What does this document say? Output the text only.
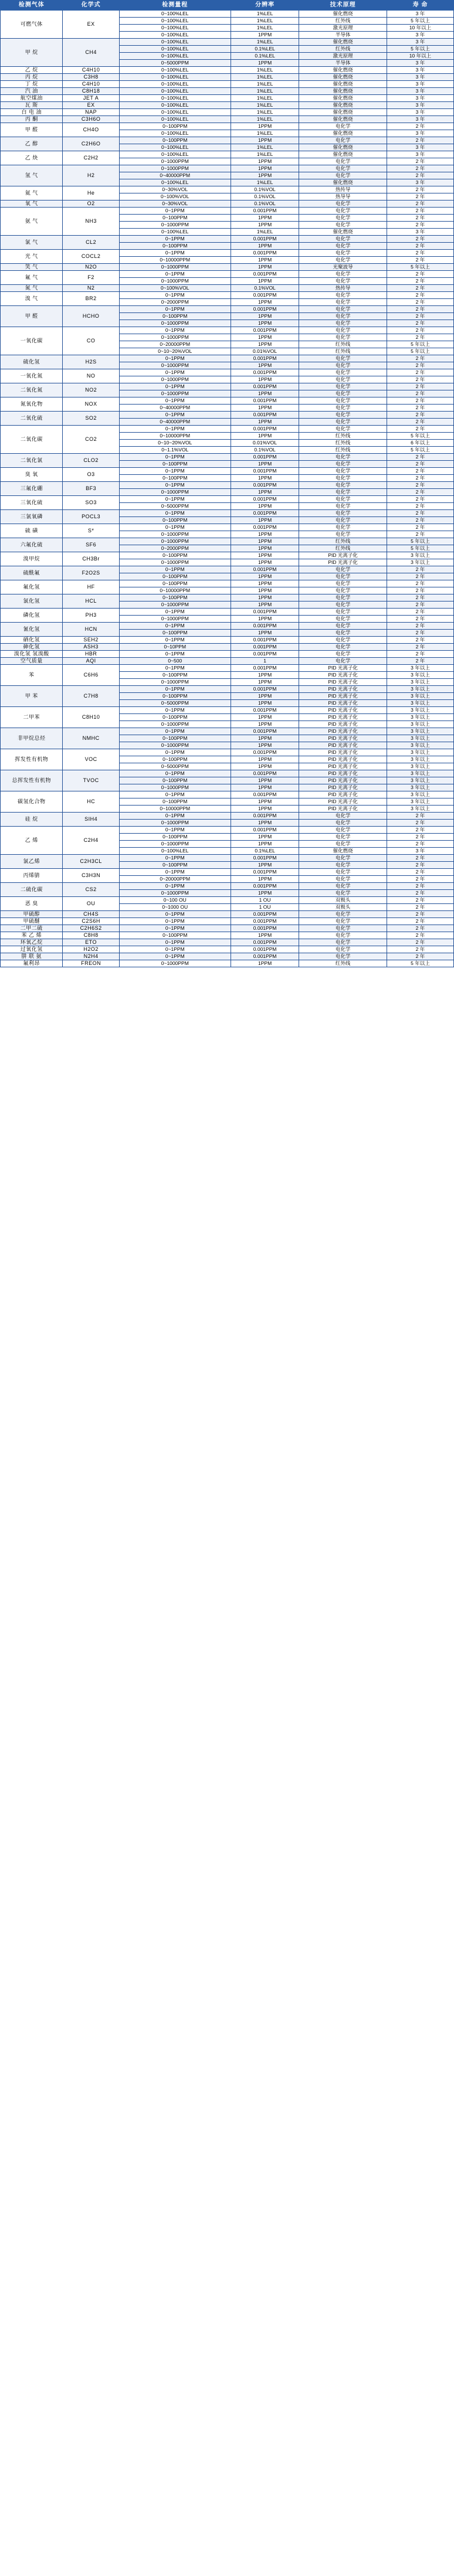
检测气体	化学式	检测量程	分辨率	技术原理	寿 命
可燃气体	EX	0~100%LEL	1%LEL	催化燃烧	3 年
		0~100%LEL	1%LEL	红外线	5 年以上
		0~100%LEL	1%LEL	激光原理	10 年以上
		0~100%LEL	1PPM	半导体	3 年
甲 烷	CH4	0~100%LEL	1%LEL	催化燃烧	3 年
		0~100%LEL	0.1%LEL	红外线	5 年以上
		0~100%LEL	0.1%LEL	激光原理	10 年以上
		0~5000PPM	1PPM	半导体	3 年
乙 烷	C4H10	0~100%LEL	1%LEL	催化燃烧	3 年
丙 烷	C3H8	0~100%LEL	1%LEL	催化燃烧	3 年
丁 烷	C4H10	0~100%LEL	1%LEL	催化燃烧	3 年
汽 油	C8H18	0~100%LEL	1%LEL	催化燃烧	3 年
航空煤油	JET A	0~100%LEL	1%LEL	催化燃烧	3 年
瓦 斯	EX	0~100%LEL	1%LEL	催化燃烧	3 年
白 电 油	NAP	0~100%LEL	1%LEL	催化燃烧	3 年
丙 酮	C3H6O	0~100%LEL	1%LEL	催化燃烧	3 年
甲 醛	CH4O	0~100PPM	1PPM	电化学	2 年
		0~100%LEL	1%LEL	催化燃烧	3 年
乙 醇	C2H6O	0~100PPM	1PPM	电化学	2 年
		0~100%LEL	1%LEL	催化燃烧	3 年
乙 炔	C2H2	0~100%LEL	1%LEL	催化燃烧	3 年
		0~1000PPM	1PPM	电化学	2 年
氢 气	H2	0~1000PPM	1PPM	电化学	2 年
		0~40000PPM	1PPM	电化学	2 年
		0~100%LEL	1%LEL	催化燃烧	3 年
氦 气	He	0~30%VOL	0.1%VOL	热传导	2 年
		0~100%VOL	0.1%VOL	热导导	2 年
氧 气	O2	0~30%VOL	0.1%VOL	电化学	2 年
氨 气	NH3	0~1PPM	0.001PPM	电化学	2 年
		0~100PPM	1PPM	电化学	2 年
		0~1000PPM	1PPM	电化学	2 年
		0~100%LEL	1%LEL	催化燃烧	3 年
氯 气	CL2	0~1PPM	0.001PPM	电化学	2 年
		0~100PPM	1PPM	电化学	2 年
光 气	COCL2	0~1PPM	0.001PPM	电化学	2 年
		0~10000PPM	1PPM	电化学	2 年
笑 气	N2O	0~1000PPM	1PPM	光聚波导	5 年以上
氟 气	F2	0~1PPM	0.001PPM	电化学	2 年
		0~1000PPM	1PPM	电化学	2 年
氮 气	N2	0~100%VOL	0.1%VOL	热传导	2 年
溴 气	BR2	0~1PPM	0.001PPM	电化学	2 年
		0~2000PPM	1PPM	电化学	2 年
甲 醛	HCHO	0~1PPM	0.001PPM	电化学	2 年
		0~100PPM	1PPM	电化学	2 年
		0~1000PPM	1PPM	电化学	2 年
一氧化碳	CO	0~1PPM	0.001PPM	电化学	2 年
		0~1000PPM	1PPM	电化学	2 年
		0~20000PPM	1PPM	红外线	5 年以上
		0~10~20%VOL	0.01%VOL	红外线	5 年以上
硫化氢	H2S	0~1PPM	0.001PPM	电化学	2 年
		0~1000PPM	1PPM	电化学	2 年
一氧化氮	NO	0~1PPM	0.001PPM	电化学	2 年
		0~1000PPM	1PPM	电化学	2 年
二氧化氮	NO2	0~1PPM	0.001PPM	电化学	2 年
		0~1000PPM	1PPM	电化学	2 年
氮氧化物	NOX	0~1PPM	0.001PPM	电化学	2 年
		0~40000PPM	1PPM	电化学	2 年
二氧化硫	SO2	0~1PPM	0.001PPM	电化学	2 年
		0~40000PPM	1PPM	电化学	2 年
二氧化碳	CO2	0~1PPM	0.001PPM	电化学	2 年
		0~10000PPM	1PPM	红外线	5 年以上
		0~10~20%VOL	0.01%VOL	红外线	6 年以上
		0~1.1%VOL	0.1%VOL	红外线	5 年以上
二氧化氯	CLO2	0~1PPM	0.001PPM	电化学	2 年
		0~100PPM	1PPM	电化学	2 年
臭 氧	O3	0~1PPM	0.001PPM	电化学	2 年
		0~100PPM	1PPM	电化学	2 年
三氟化硼	BF3	0~1PPM	0.001PPM	电化学	2 年
		0~1000PPM	1PPM	电化学	2 年
三氧化硫	SO3	0~1PPM	0.001PPM	电化学	2 年
		0~5000PPM	1PPM	电化学	2 年
三氯氧磷	POCL3	0~1PPM	0.001PPM	电化学	2 年
		0~100PPM	1PPM	电化学	2 年
硫 磺	S*	0~1PPM	0.001PPM	电化学	2 年
		0~1000PPM	1PPM	电化学	2 年
六氟化硫	SF6	0~1000PPM	1PPM	红外线	5 年以上
		0~2000PPM	1PPM	红外线	5 年以上
溴甲烷	CH3Br	0~100PPM	1PPM	PID 光离子化	3 年以上
		0~1000PPM	1PPM	PID 光离子化	3 年以上
硫酰氟	F2O2S	0~1PPM	0.001PPM	电化学	2 年
		0~100PPM	1PPM	电化学	2 年
氟化氢	HF	0~100PPM	1PPM	电化学	2 年
		0~10000PPM	1PPM	电化学	2 年
氯化氢	HCL	0~100PPM	1PPM	电化学	2 年
		0~1000PPM	1PPM	电化学	2 年
磷化氢	PH3	0~1PPM	0.001PPM	电化学	2 年
		0~1000PPM	1PPM	电化学	2 年
氰化氢	HCN	0~1PPM	0.001PPM	电化学	2 年
		0~100PPM	1PPM	电化学	2 年
硒化氢	SEH2	0~1PPM	0.001PPM	电化学	2 年
砷化氢	ASH3	0~10PPM	0.001PPM	电化学	2 年
溴化氢 氢溴酸	HBR	0~1PPM	0.001PPM	电化学	2 年
空气质量	AQI	0~500	1	电化学	2 年
苯	C6H6	0~1PPM	0.001PPM	PID 光离子化	3 年以上
		0~100PPM	1PPM	PID 光离子化	3 年以上
		0~1000PPM	1PPM	PID 光离子化	3 年以上
甲 苯	C7H8	0~1PPM	0.001PPM	PID 光离子化	3 年以上
		0~100PPM	1PPM	PID 光离子化	3 年以上
		0~5000PPM	1PPM	PID 光离子化	3 年以上
二甲苯	C8H10	0~1PPM	0.001PPM	PID 光离子化	3 年以上
		0~100PPM	1PPM	PID 光离子化	3 年以上
		0~1000PPM	1PPM	PID 光离子化	3 年以上
非甲烷总烃	NMHC	0~1PPM	0.001PPM	PID 光离子化	3 年以上
		0~100PPM	1PPM	PID 光离子化	3 年以上
		0~1000PPM	1PPM	PID 光离子化	3 年以上
挥发性有机物	VOC	0~1PPM	0.001PPM	PID 光离子化	3 年以上
		0~100PPM	1PPM	PID 光离子化	3 年以上
		0~5000PPM	1PPM	PID 光离子化	3 年以上
总挥发性有机物	TVOC	0~1PPM	0.001PPM	PID 光离子化	3 年以上
		0~100PPM	1PPM	PID 光离子化	3 年以上
		0~1000PPM	1PPM	PID 光离子化	3 年以上
碳氢化合物	HC	0~1PPM	0.001PPM	PID 光离子化	3 年以上
		0~100PPM	1PPM	PID 光离子化	3 年以上
		0~10000PPM	1PPM	PID 光离子化	3 年以上
硅 烷	SIH4	0~1PPM	0.001PPM	电化学	2 年
		0~1000PPM	1PPM	电化学	2 年
乙 烯	C2H4	0~1PPM	0.001PPM	电化学	2 年
		0~100PPM	1PPM	电化学	2 年
		0~1000PPM	1PPM	电化学	2 年
		0~100%LEL	0.1%LEL	催化燃烧	3 年
氯乙烯	C2H3CL	0~1PPM	0.001PPM	电化学	2 年
		0~100PPM	1PPM	电化学	2 年
丙烯腈	C3H3N	0~1PPM	0.001PPM	电化学	2 年
		0~20000PPM	1PPM	电化学	2 年
二硫化碳	CS2	0~1PPM	0.001PPM	电化学	2 年
		0~1000PPM	1PPM	电化学	2 年
恶 臭	OU	0~100 OU	1 OU	双极头	2 年
		0~1000 OU	1 OU	双极头	2 年
甲硫醇	CH4S	0~1PPM	0.001PPM	电化学	2 年
甲硫醚	C2S6H	0~1PPM	0.001PPM	电化学	2 年
二甲二硫	C2H6S2	0~1PPM	0.001PPM	电化学	2 年
苯 乙 烯	C8H8	0~100PPM	1PPM	电化学	2 年
环氧乙烷	ETO	0~1PPM	0.001PPM	电化学	2 年
过氧化氢	H2O2	0~1PPM	0.001PPM	电化学	2 年
肼 联 氨	N2H4	0~1PPM	0.001PPM	电化学	2 年
氟利昂	FREON	0~1000PPM	1PPM	红外线	5 年以上
